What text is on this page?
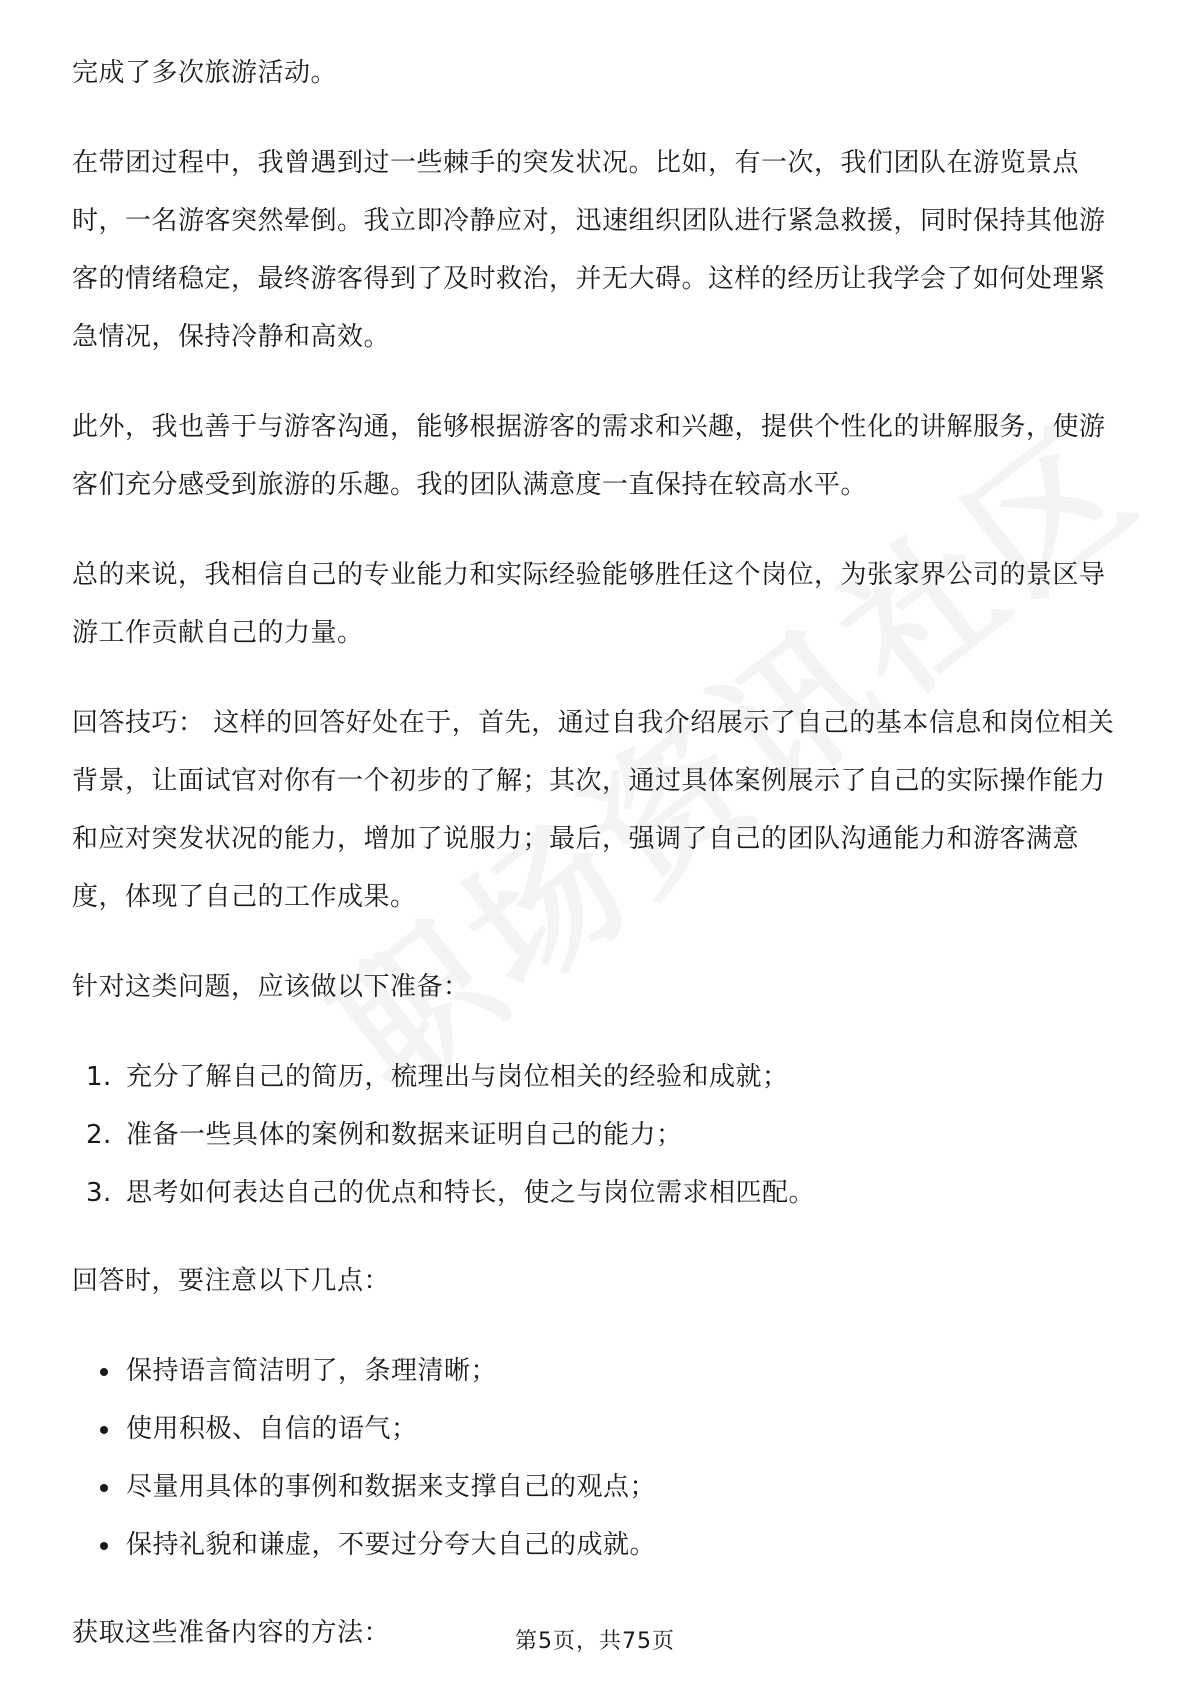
完成了多次旅游活动。

在带团过程中，我曾遇到过一些棘手的突发状况。比如，有一次，我们团队在游览景点时，一名游客突然晕倒。我立即冷静应对，迅速组织团队进行紧急救援，同时保持其他游客的情绪稳定，最终游客得到了及时救治，并无大碍。这样的经历让我学会了如何处理紧急情况，保持冷静和高效。

此外，我也善于与游客沟通，能够根据游客的需求和兴趣，提供个性化的讲解服务，使游客们充分感受到旅游的乐趣。我的团队满意度一直保持在较高水平。

总的来说，我相信自己的专业能力和实际经验能够胜任这个岗位，为张家界公司的景区导游工作贡献自己的力量。

回答技巧： 这样的回答好处在于，首先，通过自我介绍展示了自己的基本信息和岗位相关背景，让面试官对你有一个初步的了解；其次，通过具体案例展示了自己的实际操作能力和应对突发状况的能力，增加了说服力；最后，强调了自己的团队沟通能力和游客满意度，体现了自己的工作成果。

针对这类问题，应该做以下准备：

1. 充分了解自己的简历，梳理出与岗位相关的经验和成就；
2. 准备一些具体的案例和数据来证明自己的能力；
3. 思考如何表达自己的优点和特长，使之与岗位需求相匹配。

回答时，要注意以下几点：

保持语言简洁明了，条理清晰；
使用积极、自信的语气；
尽量用具体的事例和数据来支撑自己的观点；
保持礼貌和谦虚，不要过分夸大自己的成就。

获取这些准备内容的方法：	第5页，共75页
